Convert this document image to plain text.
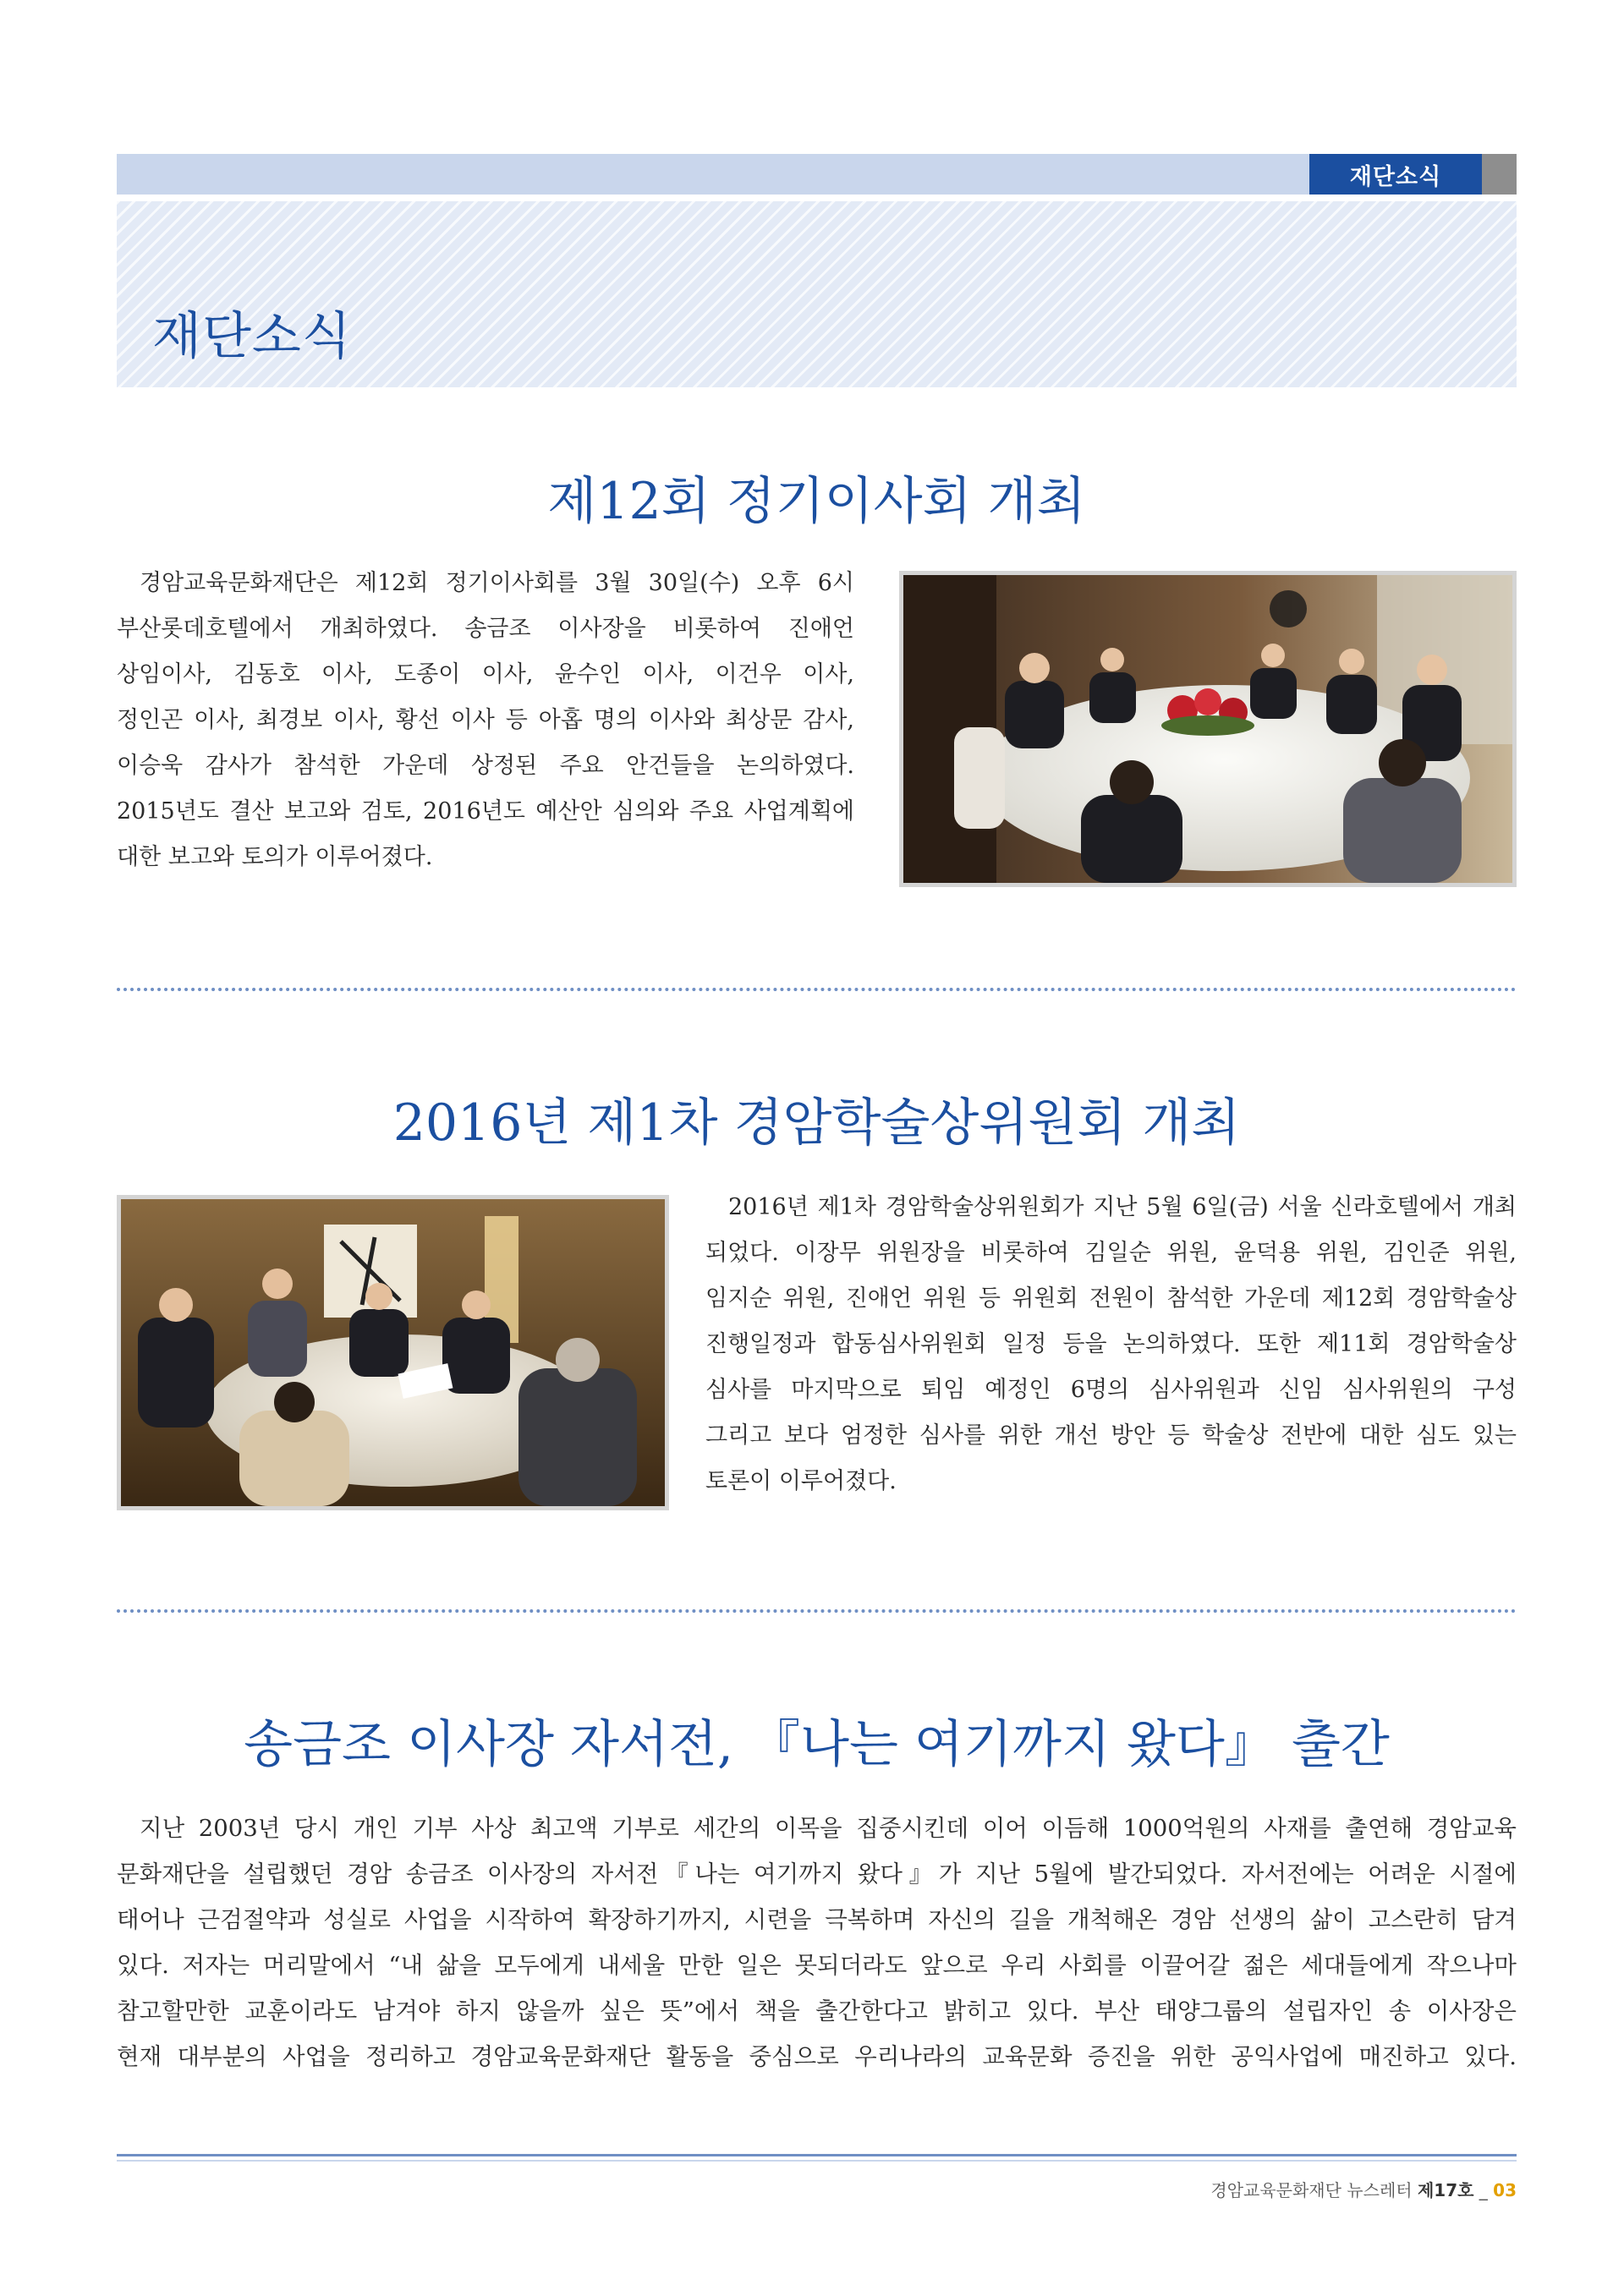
재단소식
재단소식
제12회 정기이사회 개최
경암교육문화재단은 제12회 정기이사회를 3월 30일(수) 오후 6시
부산롯데호텔에서 개최하였다. 송금조 이사장을 비롯하여 진애언
상임이사, 김동호 이사, 도종이 이사, 윤수인 이사, 이건우 이사,
정인곤 이사, 최경보 이사, 황선 이사 등 아홉 명의 이사와 최상문 감사,
이승욱 감사가 참석한 가운데 상정된 주요 안건들을 논의하였다.
2015년도 결산 보고와 검토, 2016년도 예산안 심의와 주요 사업계획에
대한 보고와 토의가 이루어졌다.
2016년 제1차 경암학술상위원회 개최
2016년 제1차 경암학술상위원회가 지난 5월 6일(금) 서울 신라호텔에서 개최
되었다. 이장무 위원장을 비롯하여 김일순 위원, 윤덕용 위원, 김인준 위원,
임지순 위원, 진애언 위원 등 위원회 전원이 참석한 가운데 제12회 경암학술상
진행일정과 합동심사위원회 일정 등을 논의하였다. 또한 제11회 경암학술상
심사를 마지막으로 퇴임 예정인 6명의 심사위원과 신임 심사위원의 구성
그리고 보다 엄정한 심사를 위한 개선 방안 등 학술상 전반에 대한 심도 있는
토론이 이루어졌다.
송금조 이사장 자서전, 『나는 여기까지 왔다』 출간
지난 2003년 당시 개인 기부 사상 최고액 기부로 세간의 이목을 집중시킨데 이어 이듬해 1000억원의 사재를 출연해 경암교육
문화재단을 설립했던 경암 송금조 이사장의 자서전『나는 여기까지 왔다』가 지난 5월에 발간되었다. 자서전에는 어려운 시절에
태어나 근검절약과 성실로 사업을 시작하여 확장하기까지, 시련을 극복하며 자신의 길을 개척해온 경암 선생의 삶이 고스란히 담겨
있다. 저자는 머리말에서 “내 삶을 모두에게 내세울 만한 일은 못되더라도 앞으로 우리 사회를 이끌어갈 젊은 세대들에게 작으나마
참고할만한 교훈이라도 남겨야 하지 않을까 싶은 뜻”에서 책을 출간한다고 밝히고 있다. 부산 태양그룹의 설립자인 송 이사장은
현재 대부분의 사업을 정리하고 경암교육문화재단 활동을 중심으로 우리나라의 교육문화 증진을 위한 공익사업에 매진하고 있다.
경암교육문화재단 뉴스레터 제17호 _ 03
